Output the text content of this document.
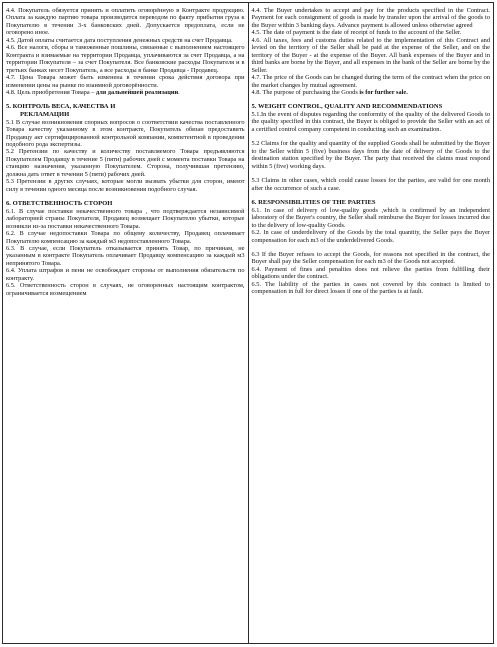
4.4. Покупатель обязуется принять и оплатить оговорённую в Контракте продукцию. Оплата за каждую партию товара производится переводом по факту прибытия груза к Покупателю в течении 3-х банковских дней. Допускается предоплата, если не оговорено иное.

4.5. Датой оплаты считается дата поступления денежных средств на счет Продавца.

4.6. Все налоги, сборы и таможенные пошлины, связанные с выполнением настоящего Контракта и взимаемые на территории Продавца, уплачиваются за счет Продавца, а на территории Покупателя – за счет Покупателя. Все банковские расходы Покупателя и в третьих банках несет Покупатель, а все расходы в банке Продавца - Продавец.

4.7. Цена Товара может быть изменена в течении срока действия договора при изменении цены на рынке по взаимной договорённости.

4.8. Цель приобретения Товара – для дальнейшей реализации.

5. КОНТРОЛЬ ВЕСА, КАЧЕСТВА И
РЕКЛАМАЦИИ

5.1 В случае возникновения спорных вопросов о соответствии качества поставленного Товара качеству указанному в этом контракте, Покупатель обязан предоставить Продавцу акт сертифицированной контрольной компании, компетентной в проведении подобного рода экспертизы.

5.2 Претензии по качеству и количеству поставляемого Товара предъявляются Покупателем Продавцу в течение 5 (пяти) рабочих дней с момента поставки Товара на станцию назначения, указанную Покупателем. Сторона, получившая претензию, должна дать ответ в течении 5 (пяти) рабочих дней.

5.3 Претензии в других случаях, которые могли вызвать убытки для сторон, имеют силу в течении одного месяца после возникновения подобного случая.

6. ОТВЕТСТВЕННОСТЬ СТОРОН

6.1. В случае поставки некачественного товара , что подтверждается независимой лабораторией страны Покупателя, Продавец возмещает Покупателю убытки, которые возникли из-за поставки некачественного Товара.

6.2. В случае недопоставки Товара по общему количеству, Продавец оплачивает Покупателю компенсацию за каждый м3 недопоставленного Товара.

6.3. В случае, если Покупатель отказывается принять Товар, по причинам, не указанным в контракте Покупатель оплачивает Продавцу компенсацию за каждый м3 непринятого Товара.

6.4. Уплата штрафов и пени не освобождает стороны от выполнения обязательств по контракту.

6.5. Ответственность сторон в случаях, не оговоренных настоящим контрактом, ограничивается возмещением

4.4. The Buyer undertakes to accept and pay for the products specified in the Contract. Payment for each consignment of goods is made by transfer upon the arrival of the goods to the Buyer within 3 banking days. Advance payment is allowed unless otherwise agreed

4.5. The date of payment is the date of receipt of funds to the account of the Seller.

4.6. All taxes, fees and customs duties related to the implementation of this Contract and levied on the territory of the Seller shall be paid at the expense of the Seller, and on the territory of the Buyer - at the expense of the Buyer. All bank expenses of the Buyer and in third banks are borne by the Buyer, and all expenses in the bank of the Seller are borne by the Seller.

4.7. The price of the Goods can be changed during the term of the contract when the price on the market changes by mutual agreement.

4.8. The purpose of purchasing the Goods is for further sale.

5. WEIGHT CONTROL, QUALITY AND RECOMMENDATIONS

5.1.In the event of disputes regarding the conformity of the quality of the delivered Goods to the quality specified in this contract, the Buyer is obliged to provide the Seller with an act of a certified control company competent in conducting such an examination.

5.2 Claims for the quality and quantity of the supplied Goods shall be submitted by the Buyer to the Seller within 5 (five) business days from the date of delivery of the Goods to the destination station specified by the Buyer. The party that received the claims must respond within 5 (five) working days.

5.3 Claims in other cases, which could cause losses for the parties, are valid for one month after the occurrence of such a case.

6. RESPONSIBILITIES OF THE PARTIES

6.1. In case of delivery of low-quality goods ,which is confirmed by an independent laboratory of the Buyer's country, the Seller shall reimburse the Buyer for losses incurred due to the delivery of low-quality Goods.

6.2. In case of underdelivery of the Goods by the total quantity, the Seller pays the Buyer compensation for each m3 of the underdelivered Goods.

6.3 If the Buyer refuses to accept the Goods, for reasons not specified in the contract, the Buyer shall pay the Seller compensation for each m3 of the Goods not accepted.

6.4. Payment of fines and penalties does not relieve the parties from fulfilling their obligations under the contract.

6.5. The liability of the parties in cases not covered by this contract is limited to compensation in full for direct losses if one of the parties is at fault.
